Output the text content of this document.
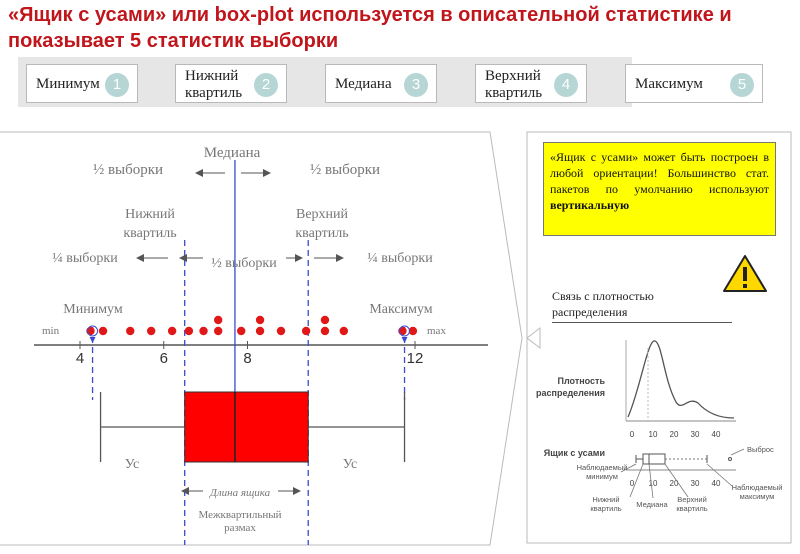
«Ящик с усами» или box-plot используется в описательной статистике и показывает 5 статистик выборки
Минимум 1
Нижний квартиль	2	Медиана	3
Верхний квартиль	4	Максимум	5
4	6	8	12
Медиана
½ выборки	½ выборки
Нижний
квартиль
Верхний
квартиль
¼ выборки	¼ выборки
½ выборки
Минимум	Максимум
min	max
Ус	Ус
Длина ящика
Межквартильный
размах
«Ящик с усами» может быть построен в любой ориентации! Большинство стат. пакетов по умолчанию используют вертикальную
Связь с плотностью распределения
Плотность
распределения
Ящик с усами
0 10 20 30 40
0 10 20 30 40
Выброс
Наблюдаемый
минимум
Наблюдаемый
максимум
Нижний
квартиль Медиана
Верхний
квартиль
